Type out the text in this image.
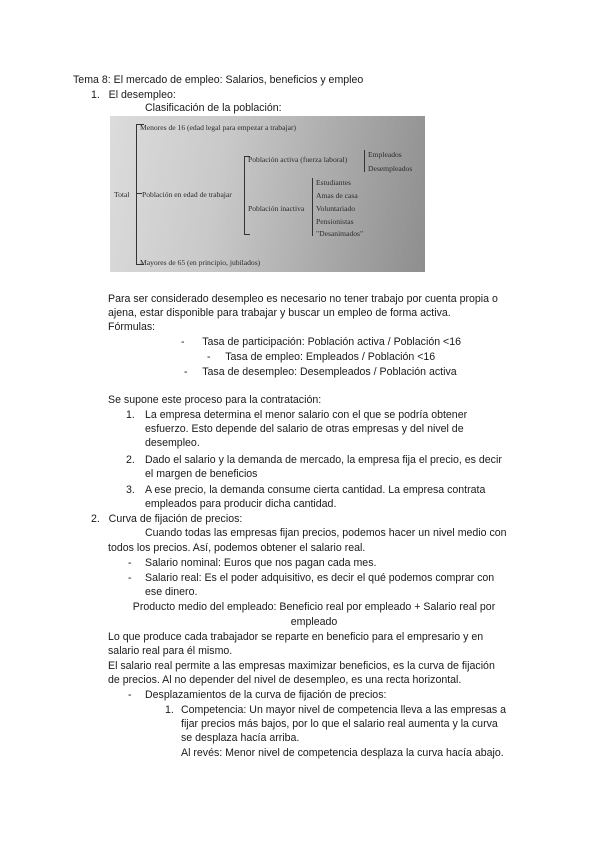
Tema 8: El mercado de empleo: Salarios, beneficios y empleo
1.   El desempleo:
Clasificación de la población:
Menores de 16 (edad legal para empezar a trabajar)
Total Población en edad de trabajar
Población activa (fuerza laboral)
Población inactiva
Empleados
Desempleados
Estudiantes
Amas de casa
Voluntariado
Pensionistas
"Desanimados"
Mayores de 65 (en principio, jubilados)
Para ser considerado desempleo es necesario no tener trabajo por cuenta propia o
ajena, estar disponible para trabajar y buscar un empleo de forma activa.
Fórmulas:
-      Tasa de participación: Población activa / Población <16
-     Tasa de empleo: Empleados / Población <16
-     Tasa de desempleo: Desempleados / Población activa
Se supone este proceso para la contratación:
1. La empresa determina el menor salario con el que se podría obtener
esfuerzo. Esto depende del salario de otras empresas y del nivel de
desempleo.
2. Dado el salario y la demanda de mercado, la empresa fija el precio, es decir
el margen de beneficios
3. A ese precio, la demanda consume cierta cantidad. La empresa contrata
empleados para producir dicha cantidad.
2.   Curva de fijación de precios:
Cuando todas las empresas fijan precios, podemos hacer un nivel medio con
todos los precios. Así, podemos obtener el salario real.
- Salario nominal: Euros que nos pagan cada mes.
- Salario real: Es el poder adquisitivo, es decir el qué podemos comprar con
ese dinero.
Producto medio del empleado: Beneficio real por empleado + Salario real por
empleado
Lo que produce cada trabajador se reparte en beneficio para el empresario y en
salario real para él mismo.
El salario real permite a las empresas maximizar beneficios, es la curva de fijación
de precios. Al no depender del nivel de desempleo, es una recta horizontal.
- Desplazamientos de la curva de fijación de precios:
1. Competencia: Un mayor nivel de competencia lleva a las empresas a
fijar precios más bajos, por lo que el salario real aumenta y la curva
se desplaza hacía arriba.
Al revés: Menor nivel de competencia desplaza la curva hacía abajo.
